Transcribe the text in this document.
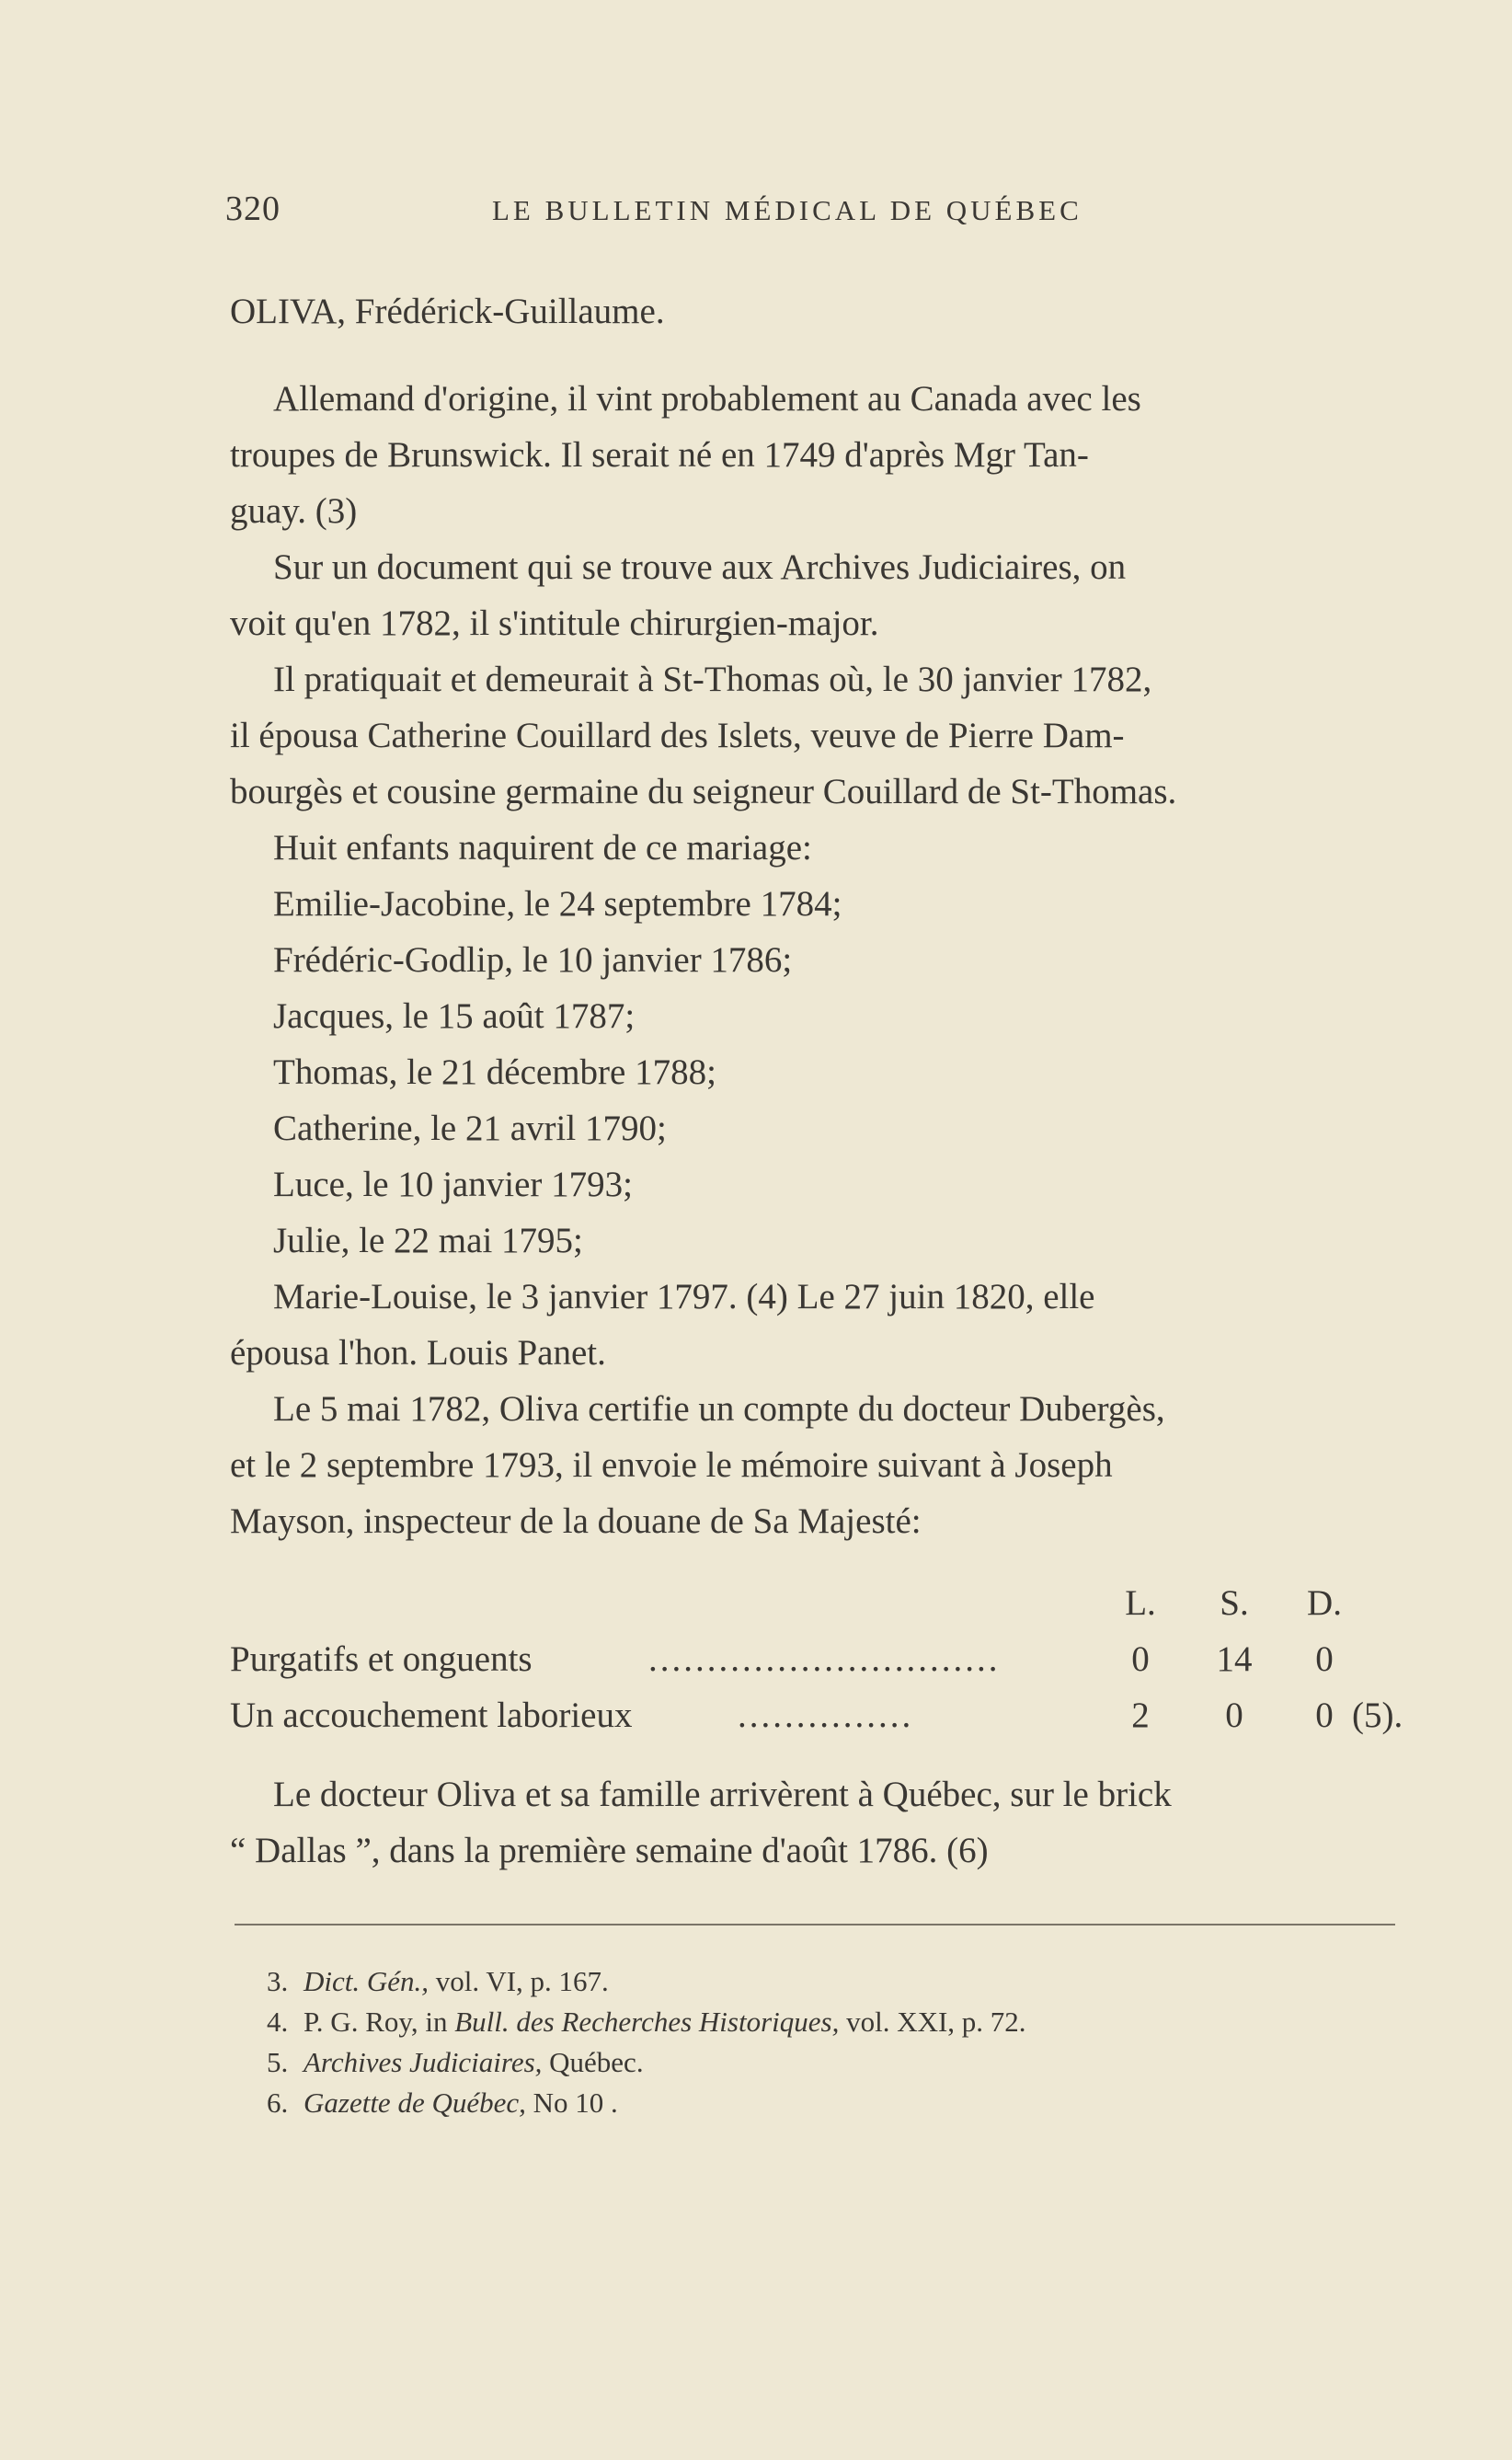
320	LE BULLETIN MÉDICAL DE QUÉBEC
OLIVA, Frédérick-Guillaume.
Allemand d'origine, il vint probablement au Canada avec les
troupes de Brunswick. Il serait né en 1749 d'après Mgr Tan-
guay. (3)
Sur un document qui se trouve aux Archives Judiciaires, on
voit qu'en 1782, il s'intitule chirurgien-major.
Il pratiquait et demeurait à St-Thomas où, le 30 janvier 1782,
il épousa Catherine Couillard des Islets, veuve de Pierre Dam-
bourgès et cousine germaine du seigneur Couillard de St-Thomas.
Huit enfants naquirent de ce mariage:
Emilie-Jacobine, le 24 septembre 1784;
Frédéric-Godlip, le 10 janvier 1786;
Jacques, le 15 août 1787;
Thomas, le 21 décembre 1788;
Catherine, le 21 avril 1790;
Luce, le 10 janvier 1793;
Julie, le 22 mai 1795;
Marie-Louise, le 3 janvier 1797. (4) Le 27 juin 1820, elle
épousa l'hon. Louis Panet.
Le 5 mai 1782, Oliva certifie un compte du docteur Dubergès,
et le 2 septembre 1793, il envoie le mémoire suivant à Joseph
Mayson, inspecteur de la douane de Sa Majesté:
L.	S.	D.
Purgatifs et onguents	..............................	0	14	0
Un accouchement laborieux	...............	2	0	0 (5).
Le docteur Oliva et sa famille arrivèrent à Québec, sur le brick
“ Dallas ”, dans la première semaine d'août 1786. (6)
3. Dict. Gén., vol. VI, p. 167.
4. P. G. Roy, in Bull. des Recherches Historiques, vol. XXI, p. 72.
5. Archives Judiciaires, Québec.
6. Gazette de Québec, No 10 .
